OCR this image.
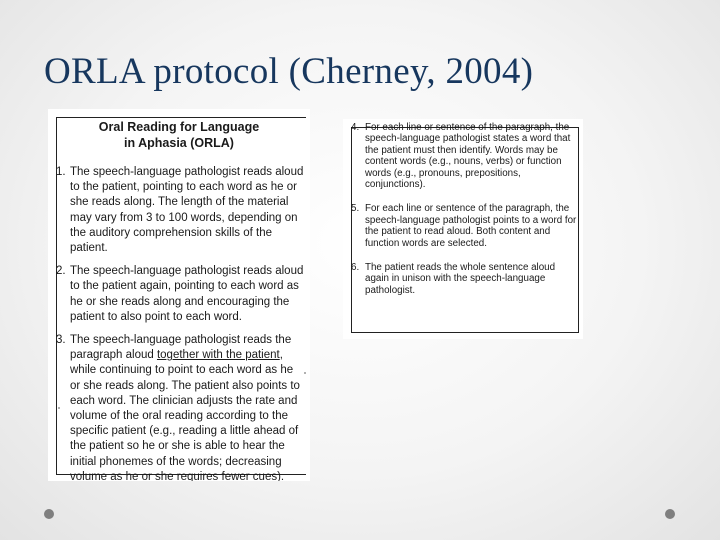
ORLA protocol (Cherney, 2004)
Oral Reading for Language
in Aphasia (ORLA)
1. The speech-language pathologist reads aloud to the patient, pointing to each word as he or she reads along. The length of the material may vary from 3 to 100 words, depending on the auditory comprehension skills of the patient.
2. The speech-language pathologist reads aloud to the patient again, pointing to each word as he or she reads along and encouraging the patient to also point to each word.
3. The speech-language pathologist reads the paragraph aloud together with the patient, while continuing to point to each word as he or she reads along. The patient also points to each word. The clinician adjusts the rate and volume of the oral reading according to the specific patient (e.g., reading a little ahead of the patient so he or she is able to hear the initial phonemes of the words; decreasing volume as he or she requires fewer cues).
4. For each line or sentence of the paragraph, the speech-language pathologist states a word that the patient must then identify. Words may be content words (e.g., nouns, verbs) or function words (e.g., pronouns, prepositions, conjunctions).
5. For each line or sentence of the paragraph, the speech-language pathologist points to a word for the patient to read aloud. Both content and function words are selected.
6. The patient reads the whole sentence aloud again in unison with the speech-language pathologist.
